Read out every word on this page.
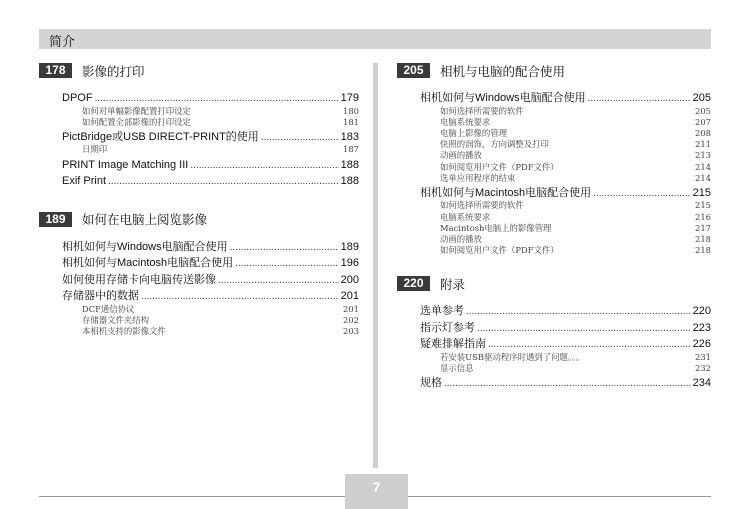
简介
178	影像的打印
DPOF .....	179
如何对单幅影像配置打印设定	180
如何配置全部影像的打印设定	181
PictBridge或USB DIRECT-PRINT的使用 .....	183
日期印	187
PRINT Image Matching III .....	188
Exif Print .....	188
189	如何在电脑上阅览影像
相机如何与Windows电脑配合使用 .....	189
相机如何与Macintosh电脑配合使用 .....	196
如何使用存储卡向电脑传送影像 .....	200
存储器中的数据 .....	201
DCF通信协议	201
存储器文件夹结构	202
本相机支持的影像文件	203
205	相机与电脑的配合使用
相机如何与Windows电脑配合使用 .....	205
如何选择所需要的软件	205
电脑系统要求	207
电脑上影像的管理	208
快照的润饰，方向调整及打印	211
动画的播放	213
如何阅览用户文件（PDF文件）	214
选单应用程序的结束	214
相机如何与Macintosh电脑配合使用 .....	215
如何选择所需要的软件	215
电脑系统要求	216
Macintosh电脑上的影像管理	217
动画的播放	218
如何阅览用户文件（PDF文件）	218
220	附录
选单参考 .....	220
指示灯参考 .....	223
疑难排解指南 .....	226
若安装USB驱动程序时遇到了问题。。。	231
显示信息	232
规格 .....	234
7
